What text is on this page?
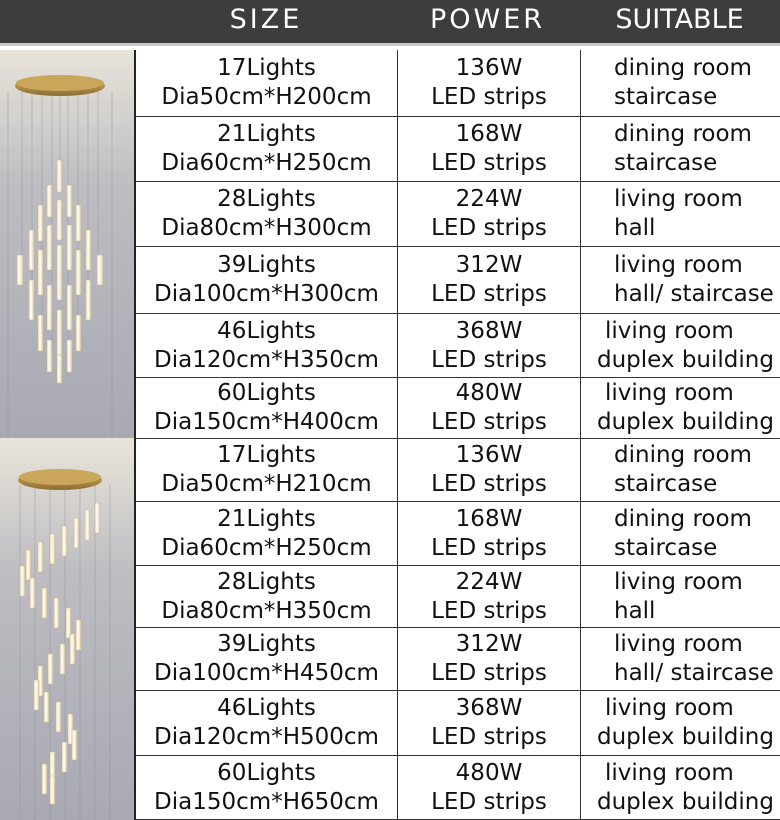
SIZE	POWER	SUITABLE
17Lights
Dia50cm*H200cm
136W
LED strips
dining room
staircase
21Lights
Dia60cm*H250cm
168W
LED strips
dining room
staircase
28Lights
Dia80cm*H300cm
224W
LED strips
living room
hall
39Lights
Dia100cm*H300cm
312W
LED strips
living room
hall/ staircase
46Lights
Dia120cm*H350cm
368W
LED strips
living room
duplex building
60Lights
Dia150cm*H400cm
480W
LED strips
living room
duplex building
17Lights
Dia50cm*H210cm
136W
LED strips
dining room
staircase
21Lights
Dia60cm*H250cm
168W
LED strips
dining room
staircase
28Lights
Dia80cm*H350cm
224W
LED strips
living room
hall
39Lights
Dia100cm*H450cm
312W
LED strips
living room
hall/ staircase
46Lights
Dia120cm*H500cm
368W
LED strips
living room
duplex building
60Lights
Dia150cm*H650cm
480W
LED strips
living room
duplex building
